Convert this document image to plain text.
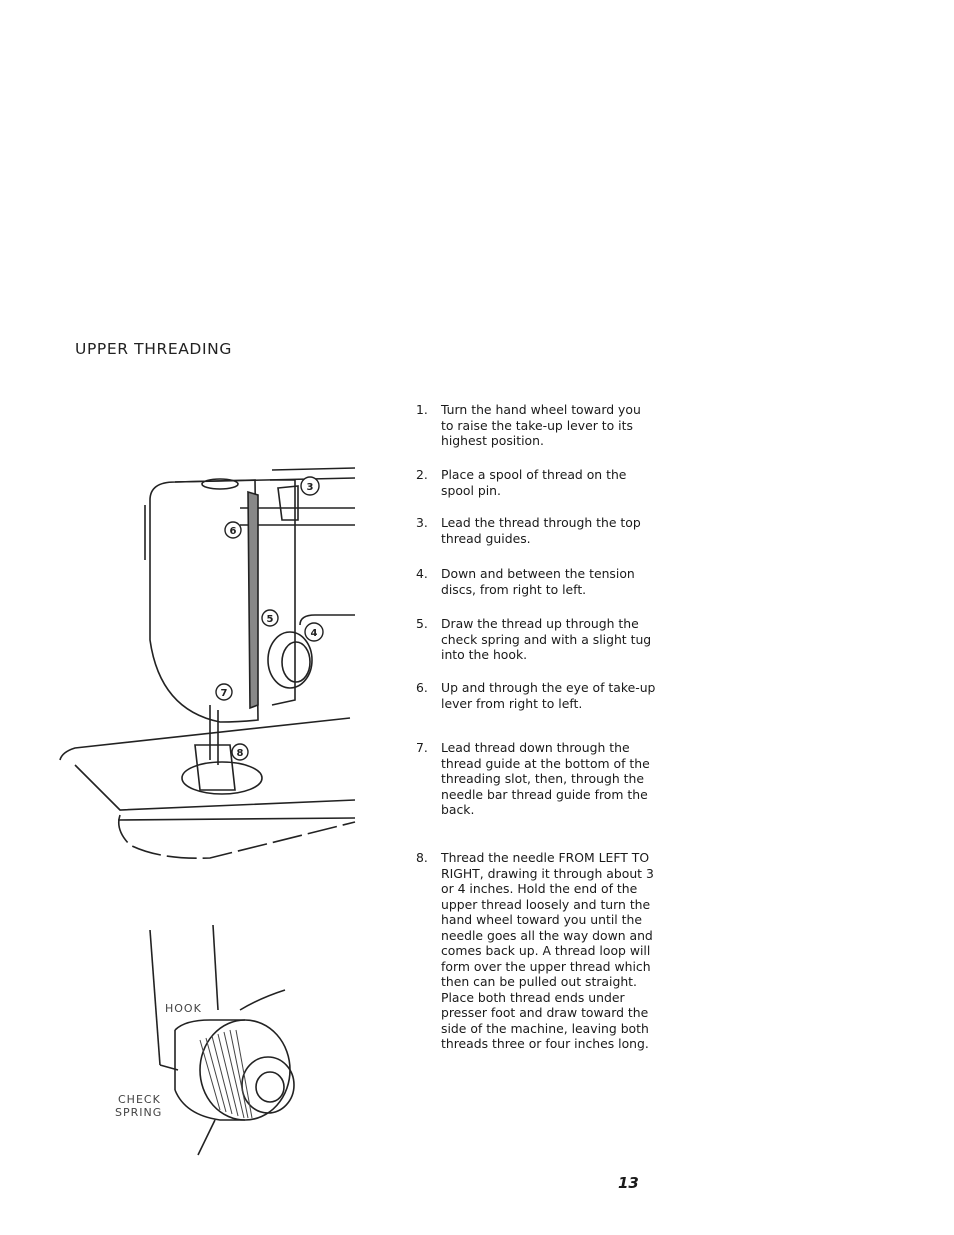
UPPER THREADING
3
6
5
4
7
8
HOOK
CHECK
SPRING
1. Turn the hand wheel toward you to raise the take-up lever to its highest position.
2. Place a spool of thread on the spool pin.
3. Lead the thread through the top thread guides.
4. Down and between the tension discs, from right to left.
5. Draw the thread up through the check spring and with a slight tug into the hook.
6. Up and through the eye of take-up lever from right to left.
7. Lead thread down through the thread guide at the bottom of the threading slot, then, through the needle bar thread guide from the back.
8. Thread the needle FROM LEFT TO RIGHT, drawing it through about 3 or 4 inches. Hold the end of the upper thread loosely and turn the hand wheel toward you until the needle goes all the way down and comes back up. A thread loop will form over the upper thread which then can be pulled out straight. Place both thread ends under presser foot and draw toward the side of the machine, leaving both threads three or four inches long.
13
